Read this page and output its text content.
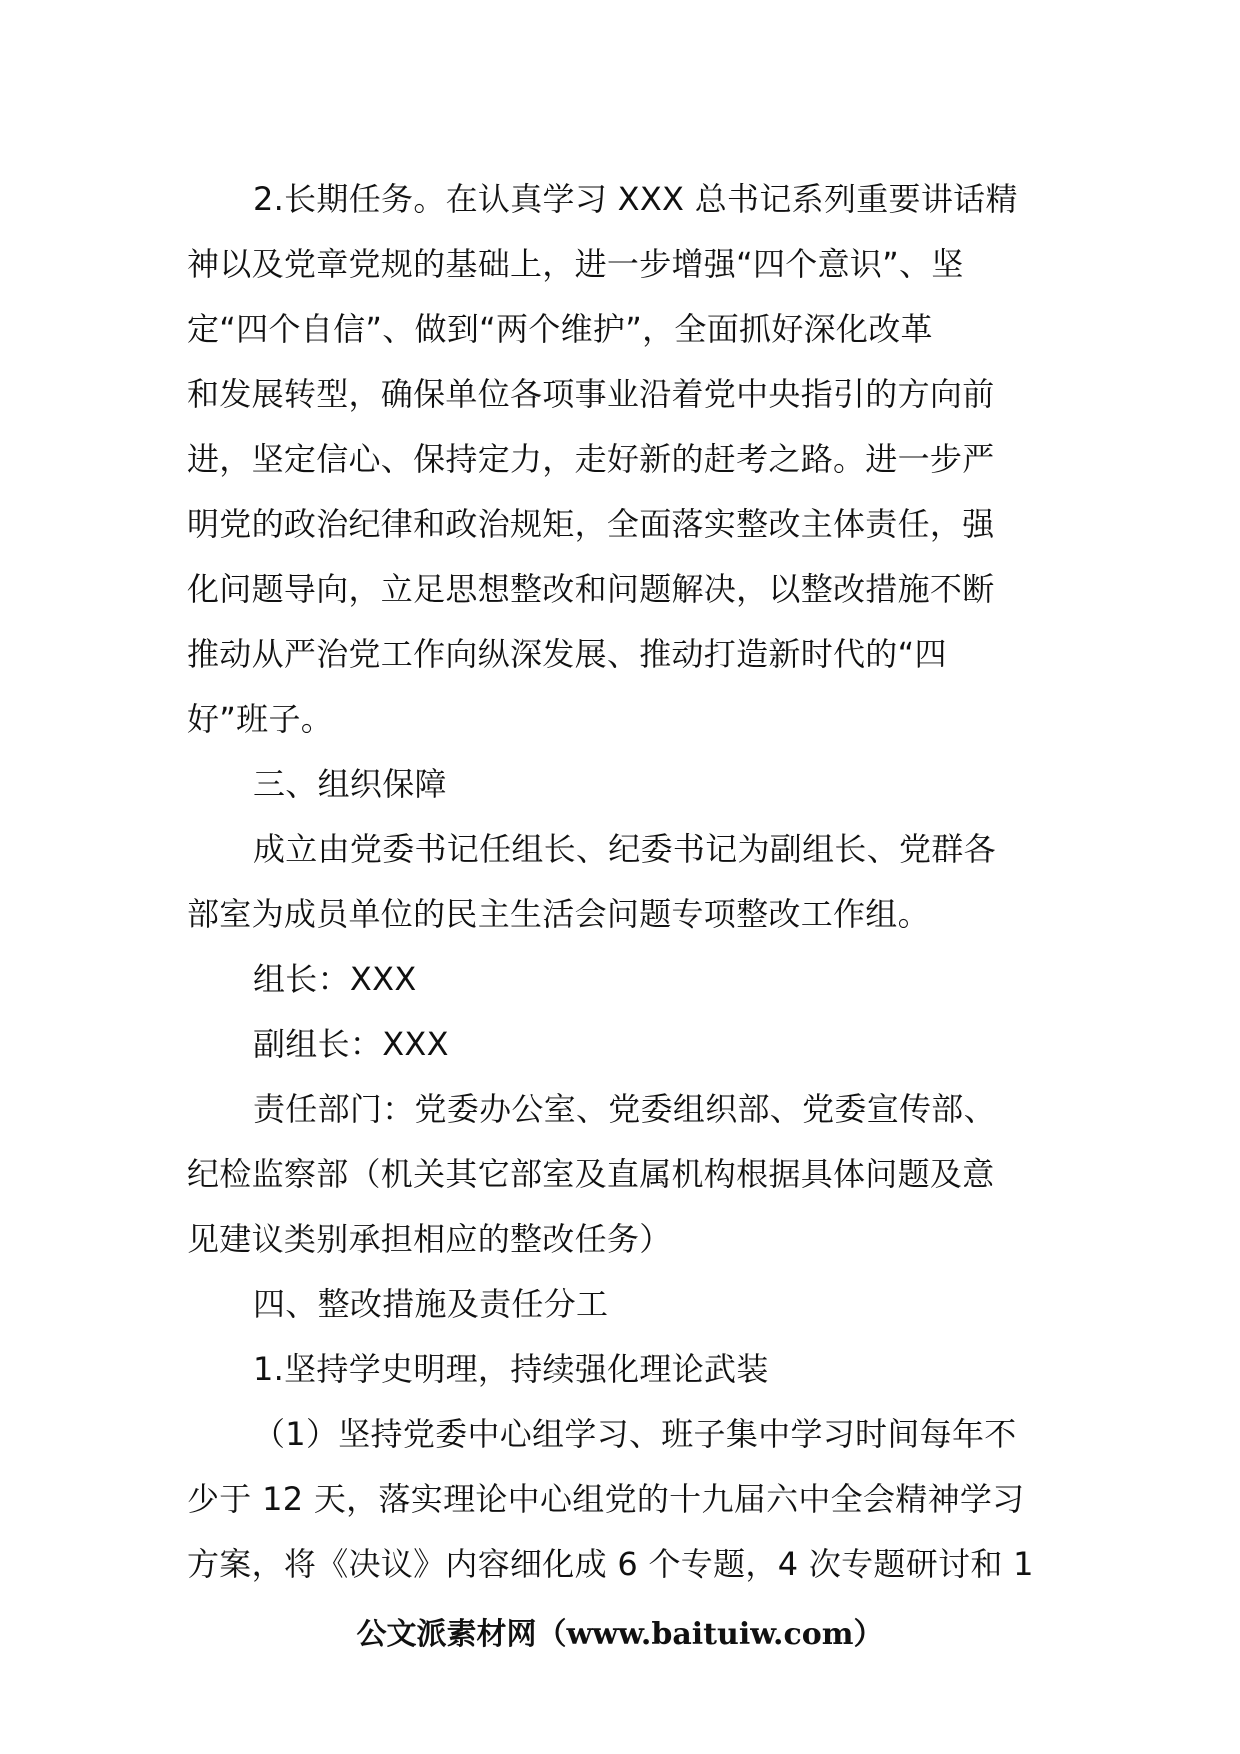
2.长期任务。在认真学习 XXX 总书记系列重要讲话精
神以及党章党规的基础上，进一步增强“四个意识”、坚
定“四个自信”、做到“两个维护”，全面抓好深化改革
和发展转型，确保单位各项事业沿着党中央指引的方向前
进，坚定信心、保持定力，走好新的赶考之路。进一步严
明党的政治纪律和政治规矩，全面落实整改主体责任，强
化问题导向，立足思想整改和问题解决，以整改措施不断
推动从严治党工作向纵深发展、推动打造新时代的“四
好”班子。
三、组织保障
成立由党委书记任组长、纪委书记为副组长、党群各
部室为成员单位的民主生活会问题专项整改工作组。
组长：XXX
副组长：XXX
责任部门：党委办公室、党委组织部、党委宣传部、
纪检监察部（机关其它部室及直属机构根据具体问题及意
见建议类别承担相应的整改任务）
四、整改措施及责任分工
1.坚持学史明理，持续强化理论武装
（1）坚持党委中心组学习、班子集中学习时间每年不
少于 12 天，落实理论中心组党的十九届六中全会精神学习
方案，将《决议》内容细化成 6 个专题，4 次专题研讨和 1
公文派素材网（www.baituiw.com）
